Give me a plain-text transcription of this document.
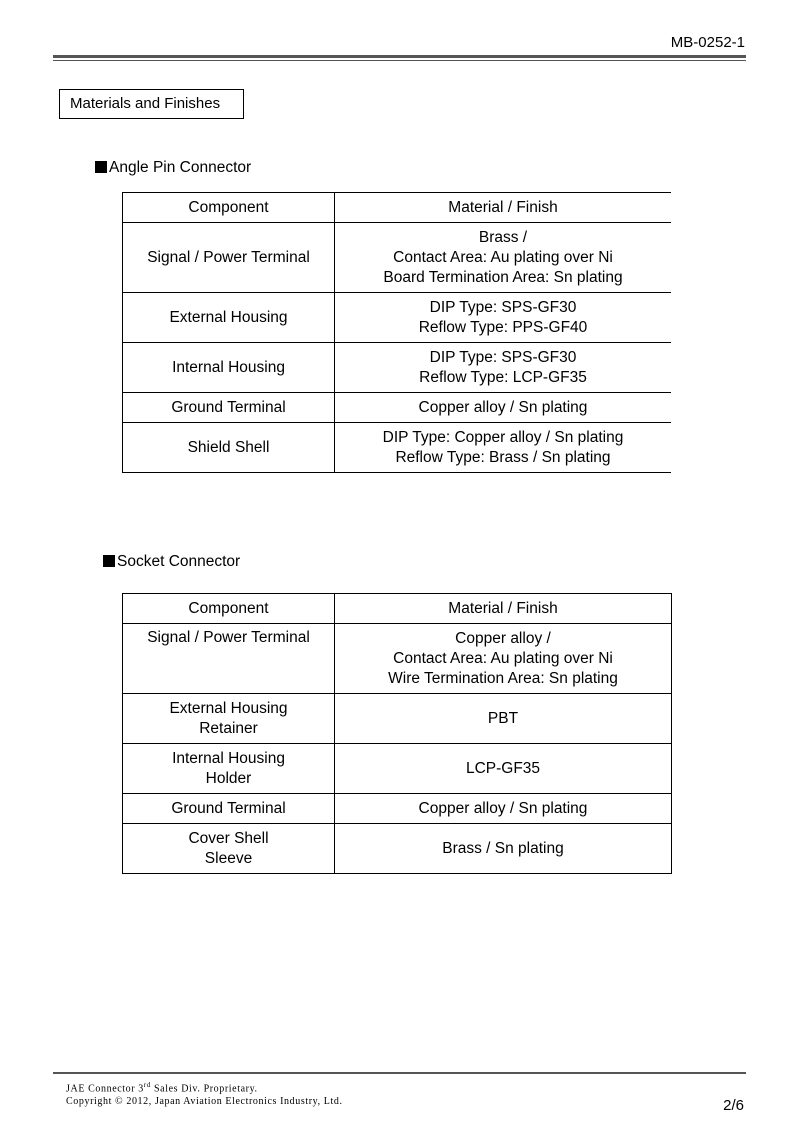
MB-0252-1
Materials and Finishes
Angle Pin Connector
Component	Material / Finish

Signal / Power Terminal	Brass /
Contact Area: Au plating over Ni
Board Termination Area: Sn plating

External Housing	DIP Type: SPS-GF30
Reflow Type: PPS-GF40

Internal Housing	DIP Type: SPS-GF30
Reflow Type: LCP-GF35

Ground Terminal	Copper alloy / Sn plating

Shield Shell	DIP Type: Copper alloy / Sn plating
Reflow Type: Brass / Sn plating
Socket Connector
Component	Material / Finish

Signal / Power Terminal	Copper alloy /
Contact Area: Au plating over Ni
Wire Termination Area: Sn plating

External Housing
Retainer	PBT

Internal Housing
Holder	LCP-GF35

Ground Terminal	Copper alloy / Sn plating

Cover Shell
Sleeve	Brass / Sn plating
JAE Connector 3rd Sales Div. Proprietary.
Copyright © 2012, Japan Aviation Electronics Industry, Ltd.	2/6
